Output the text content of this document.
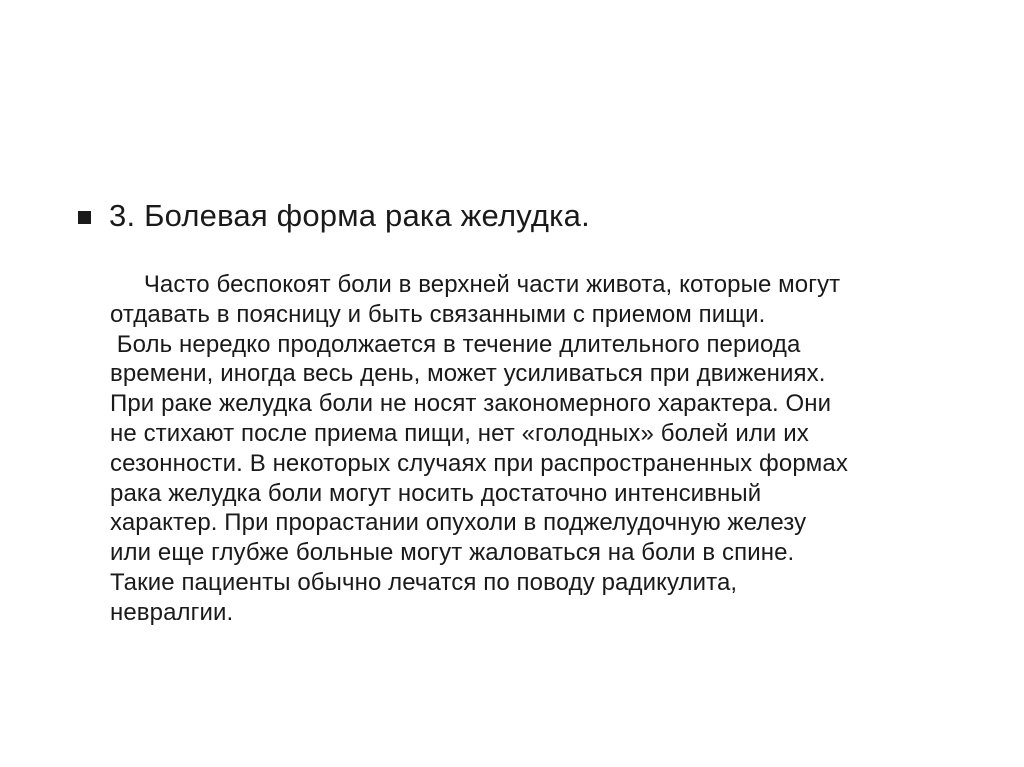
3. Болевая форма рака желудка.
Часто беспокоят боли в верхней части живота, которые могут
отдавать в поясницу и быть связанными с приемом пищи.
Боль нередко продолжается в течение длительного периода
времени, иногда весь день, может усиливаться при движениях.
При раке желудка боли не носят закономерного характера. Они
не стихают после приема пищи, нет «голодных» болей или их
сезонности. В некоторых случаях при распространенных формах
рака желудка боли могут носить достаточно интенсивный
характер. При прорастании опухоли в поджелудочную железу
или еще глубже больные могут жаловаться на боли в спине.
Такие пациенты обычно лечатся по поводу радикулита,
невралгии.
